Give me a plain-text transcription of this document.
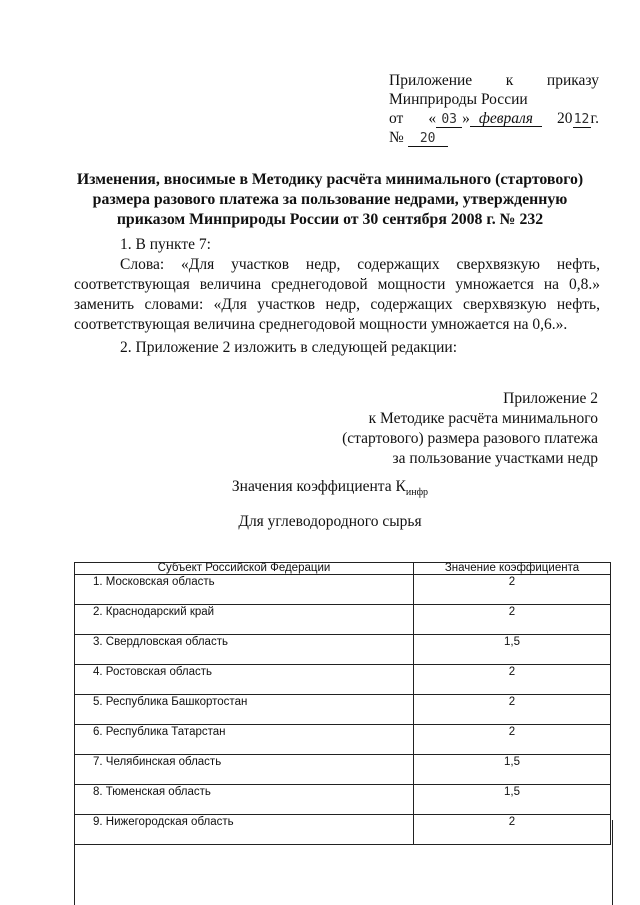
Приложение к приказу
Минприроды России
от « 03 » февраля	2012г.
№ 20
Изменения, вносимые в Методику расчёта минимального (стартового)
размера разового платежа за пользование недрами, утвержденную
приказом Минприроды России от 30 сентября 2008 г. № 232
1. В пункте 7:
Слова: «Для участков недр, содержащих сверхвязкую нефть,
соответствующая величина среднегодовой мощности умножается на 0,8.»
заменить словами: «Для участков недр, содержащих сверхвязкую нефть,
соответствующая величина среднегодовой мощности умножается на 0,6.».
2. Приложение 2 изложить в следующей редакции:
Приложение 2
к Методике расчёта минимального
(стартового) размера разового платежа
за пользование участками недр
Значения коэффициента $К_{инфр}$
Для углеводородного сырья
Субъект Российской Федерации	Значение коэффициента
1. Московская область	2
2. Краснодарский край	2
3. Свердловская область	1,5
4. Ростовская область	2
5. Республика Башкортостан	2
6. Республика Татарстан	2
7. Челябинская область	1,5
8. Тюменская область	1,5
9. Нижегородская область	2
